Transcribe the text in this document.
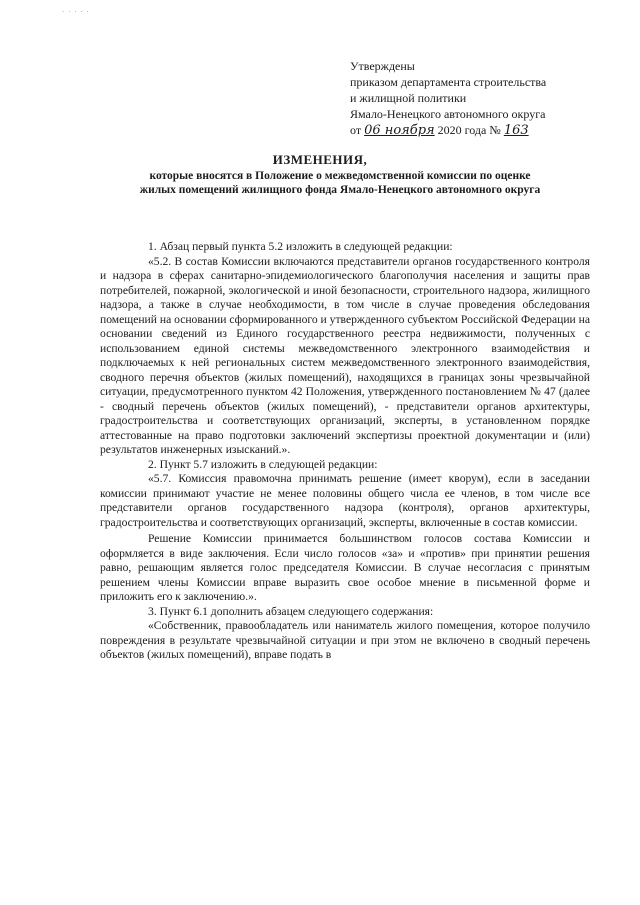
· · · · ·
Утверждены
приказом департамента строительства
и жилищной политики
Ямало-Ненецкого автономного округа
от 06 ноября 2020 года № 163
ИЗМЕНЕНИЯ,
которые вносятся в Положение о межведомственной комиссии по оценке
жилых помещений жилищного фонда Ямало-Ненецкого автономного округа

1. Абзац первый пункта 5.2 изложить в следующей редакции:

«5.2. В состав Комиссии включаются представители органов государственного контроля и надзора в сферах санитарно-эпидемиологического благополучия населения и защиты прав потребителей, пожарной, экологической и иной безопасности, строительного надзора, жилищного надзора, а также в случае необходимости, в том числе в случае проведения обследования помещений на основании сформированного и утвержденного субъектом Российской Федерации на основании сведений из Единого государственного реестра недвижимости, полученных с использованием единой системы межведомственного электронного взаимодействия и подключаемых к ней региональных систем межведомственного электронного взаимодействия, сводного перечня объектов (жилых помещений), находящихся в границах зоны чрезвычайной ситуации, предусмотренного пунктом 42 Положения, утвержденного постановлением № 47 (далее - сводный перечень объектов (жилых помещений), - представители органов архитектуры, градостроительства и соответствующих организаций, эксперты, в установленном порядке аттестованные на право подготовки заключений экспертизы проектной документации и (или) результатов инженерных изысканий.».

2. Пункт 5.7 изложить в следующей редакции:

«5.7. Комиссия правомочна принимать решение (имеет кворум), если в заседании комиссии принимают участие не менее половины общего числа ее членов, в том числе все представители органов государственного надзора (контроля), органов архитектуры, градостроительства и соответствующих организаций, эксперты, включенные в состав комиссии.

Решение Комиссии принимается большинством голосов состава Комиссии и оформляется в виде заключения. Если число голосов «за» и «против» при принятии решения равно, решающим является голос председателя Комиссии. В случае несогласия с принятым решением члены Комиссии вправе выразить свое особое мнение в письменной форме и приложить его к заключению.».

3. Пункт 6.1 дополнить абзацем следующего содержания:

«Собственник, правообладатель или наниматель жилого помещения, которое получило повреждения в результате чрезвычайной ситуации и при этом не включено в сводный перечень объектов (жилых помещений), вправе подать в
